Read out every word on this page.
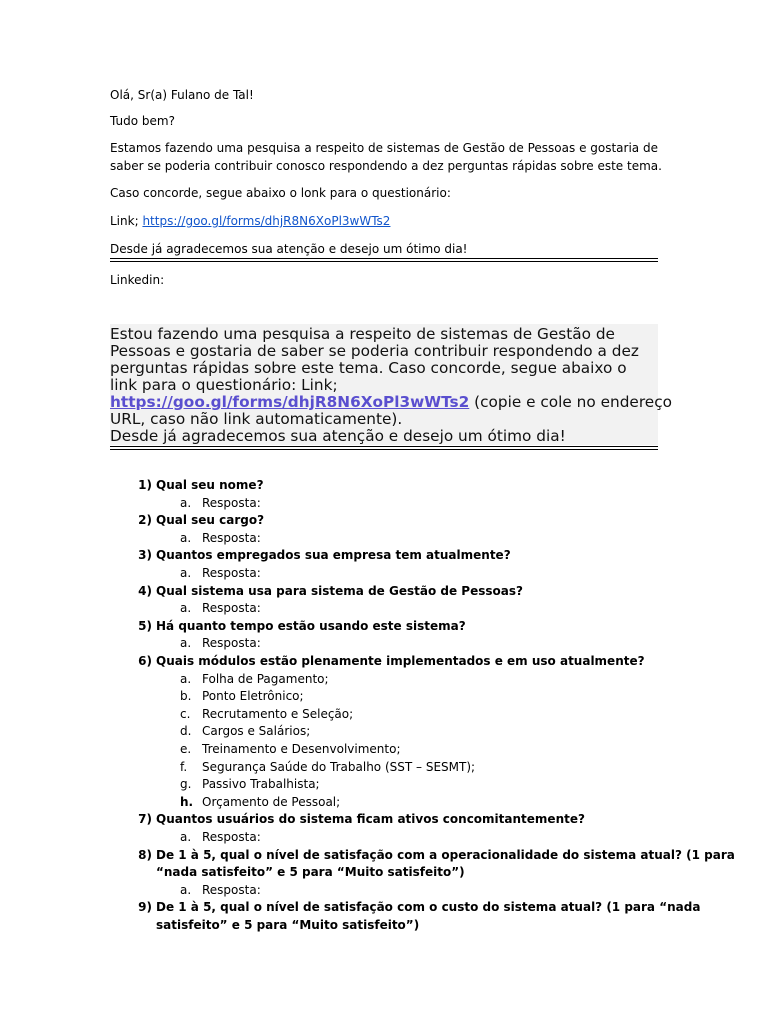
Olá, Sr(a) Fulano de Tal!
Tudo bem?
Estamos fazendo uma pesquisa a respeito de sistemas de Gestão de Pessoas e gostaria de
saber se poderia contribuir conosco respondendo a dez perguntas rápidas sobre este tema.
Caso concorde, segue abaixo o lonk para o questionário:
Link; https://goo.gl/forms/dhjR8N6XoPl3wWTs2
Desde já agradecemos sua atenção e desejo um ótimo dia!
Linkedin:
Estou fazendo uma pesquisa a respeito de sistemas de Gestão de
Pessoas e gostaria de saber se poderia contribuir respondendo a dez
perguntas rápidas sobre este tema. Caso concorde, segue abaixo o
link para o questionário: Link;
https://goo.gl/forms/dhjR8N6XoPl3wWTs2 (copie e cole no endereço
URL, caso não link automaticamente).
Desde já agradecemos sua atenção e desejo um ótimo dia!
1) Qual seu nome?
a. Resposta:
2) Qual seu cargo?
a. Resposta:
3) Quantos empregados sua empresa tem atualmente?
a. Resposta:
4) Qual sistema usa para sistema de Gestão de Pessoas?
a. Resposta:
5) Há quanto tempo estão usando este sistema?
a. Resposta:
6) Quais módulos estão plenamente implementados e em uso atualmente?
a. Folha de Pagamento;
b. Ponto Eletrônico;
c. Recrutamento e Seleção;
d. Cargos e Salários;
e. Treinamento e Desenvolvimento;
f.	Segurança Saúde do Trabalho (SST – SESMT);
g. Passivo Trabalhista;
h. Orçamento de Pessoal;
7) Quantos usuários do sistema ficam ativos concomitantemente?
a. Resposta:
8) De 1 à 5, qual o nível de satisfação com a operacionalidade do sistema atual? (1 para
“nada satisfeito” e 5 para “Muito satisfeito”)
a. Resposta:
9) De 1 à 5, qual o nível de satisfação com o custo do sistema atual? (1 para “nada
satisfeito” e 5 para “Muito satisfeito”)
